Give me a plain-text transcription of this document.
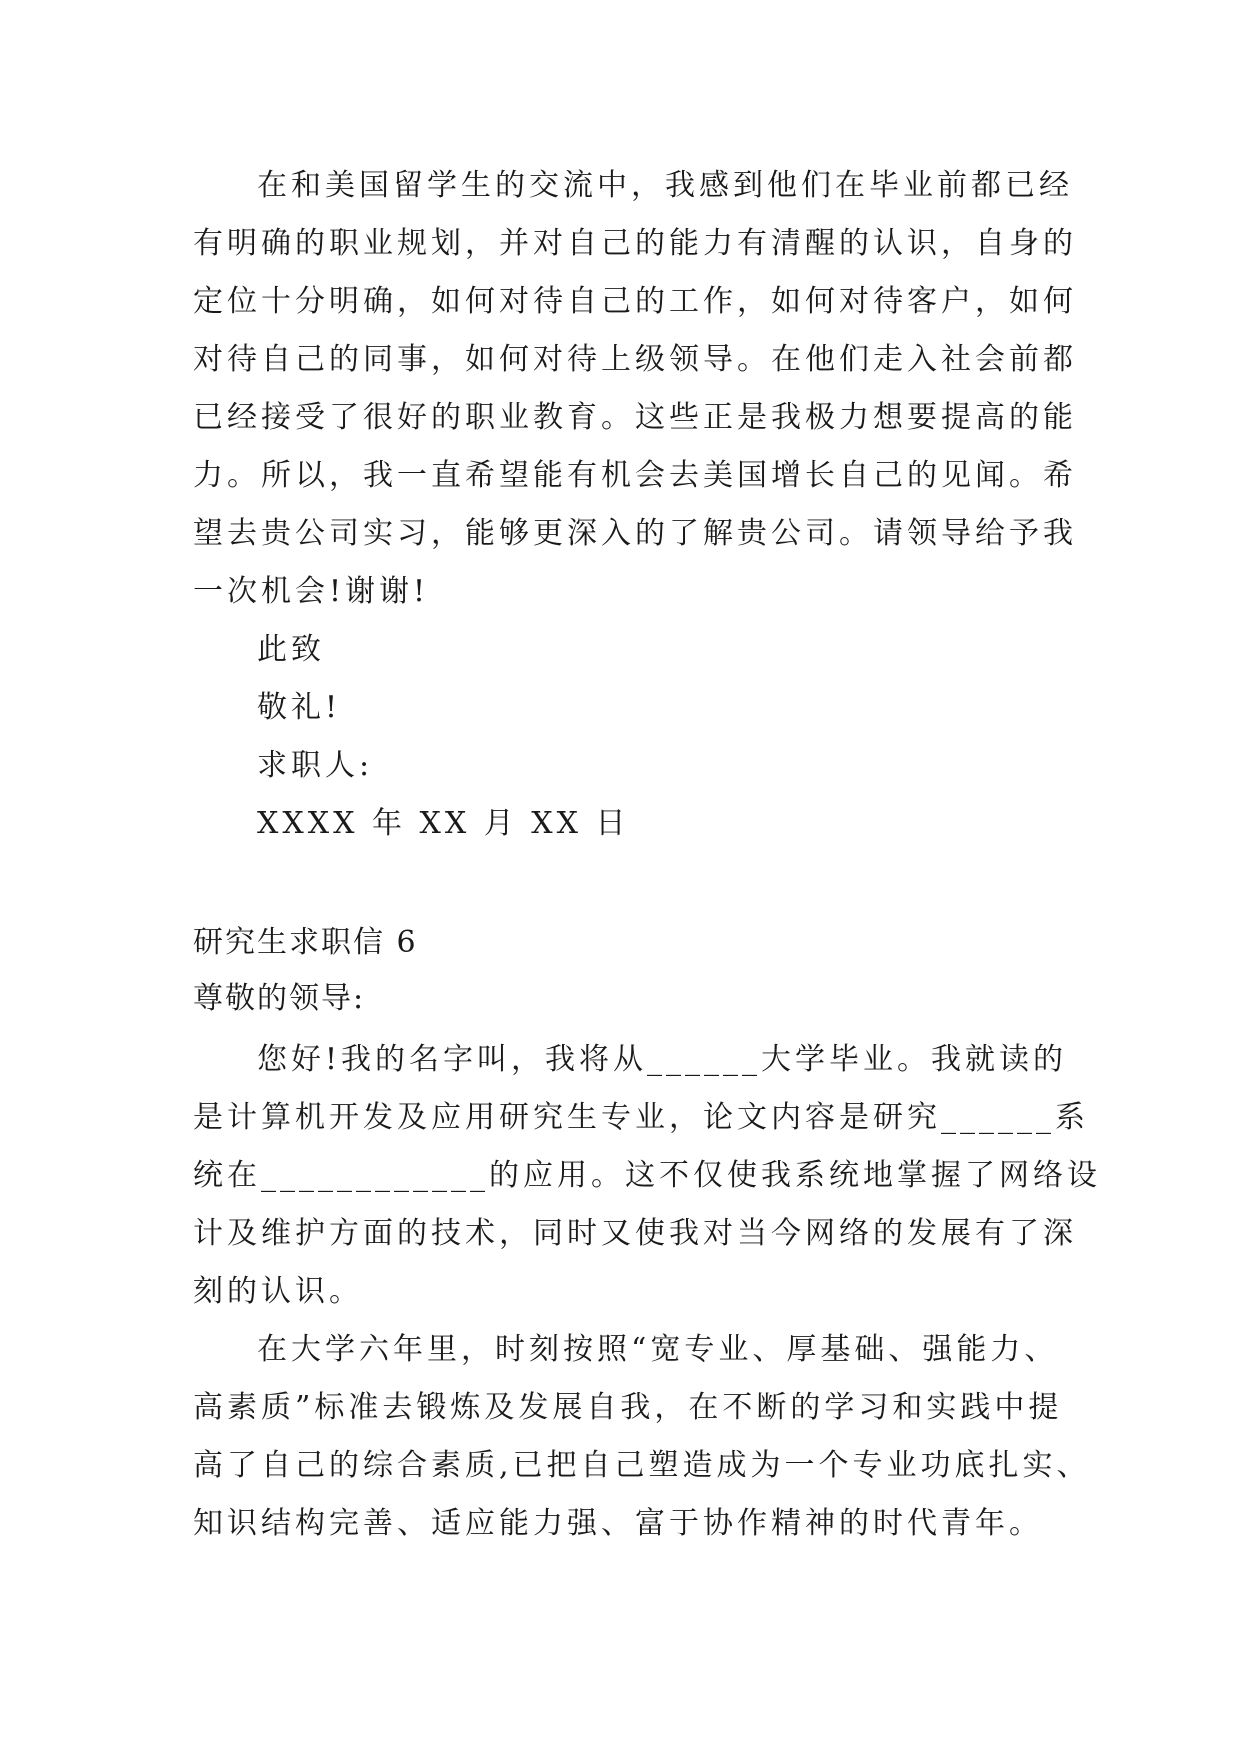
在和美国留学生的交流中，我感到他们在毕业前都已经
有明确的职业规划，并对自己的能力有清醒的认识，自身的
定位十分明确，如何对待自己的工作，如何对待客户，如何
对待自己的同事，如何对待上级领导。在他们走入社会前都
已经接受了很好的职业教育。这些正是我极力想要提高的能
力。所以，我一直希望能有机会去美国增长自己的见闻。希
望去贵公司实习，能够更深入的了解贵公司。请领导给予我
一次机会!谢谢!
此致
敬礼!
求职人:
XXXX 年 XX 月 XX 日
研究生求职信 6
尊敬的领导:
您好!我的名字叫，我将从______大学毕业。我就读的
是计算机开发及应用研究生专业，论文内容是研究______系
统在____________的应用。这不仅使我系统地掌握了网络设
计及维护方面的技术，同时又使我对当今网络的发展有了深
刻的认识。
在大学六年里，时刻按照“宽专业、厚基础、强能力、
高素质”标准去锻炼及发展自我，在不断的学习和实践中提
高了自己的综合素质,已把自己塑造成为一个专业功底扎实、
知识结构完善、适应能力强、富于协作精神的时代青年。
